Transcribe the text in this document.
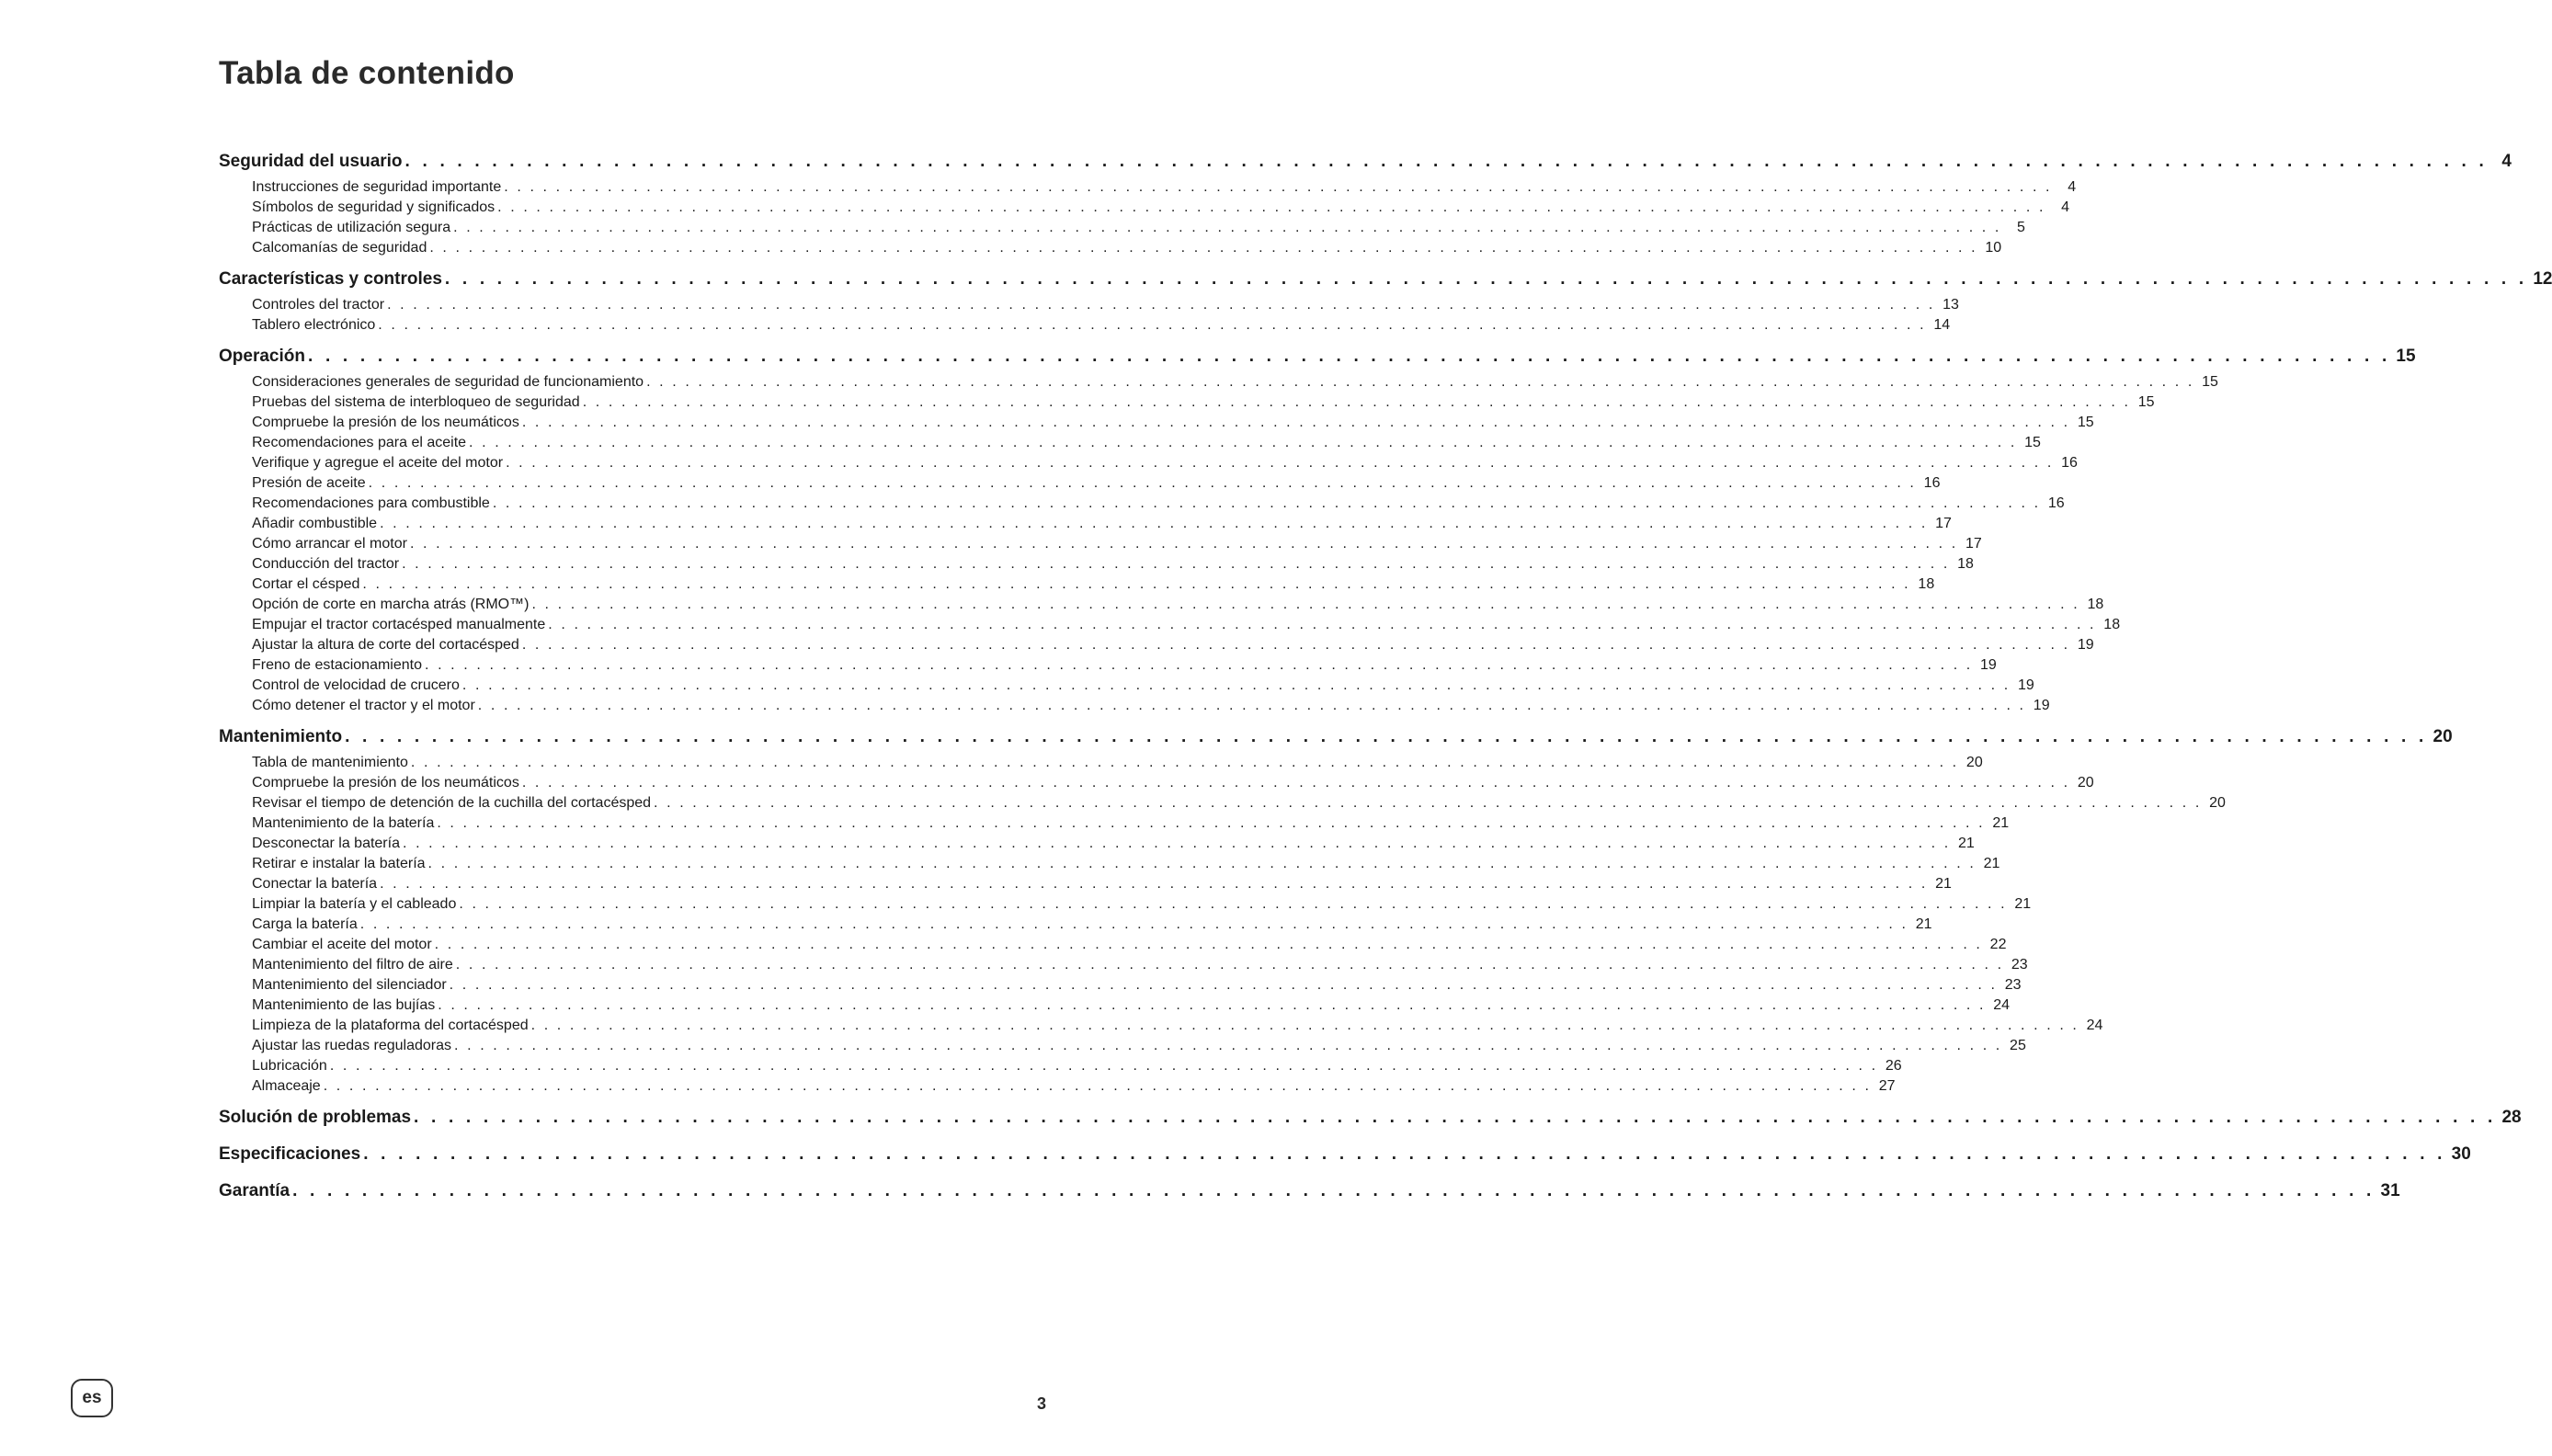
Tabla de contenido
Seguridad del usuario . . . . . . . . . . . . . . . . . . . . . . . . . . . . . . . . . . . . . . . . . . . . . . . . . . . . . . . . . . . . . . . . . . . . . . . . . . . . . . . . . . . . . . . . . . . . . . . . . . . . . . . . . . . . . . . . . . . . . . . . 4
Instrucciones de seguridad importante . . . . . . . . . . . . . . . . . . . . . . . . . . . . . . . . . . . . . . . . . . . . . . . . . . . . . . . . . . . . . . . . . . . . . . . . . . . . . . . . . . . . . . . . . . . . . . . . . . . . . . . . . . . . . . . . . . . . . . . .	4
Símbolos de seguridad y significados . . . . . . . . . . . . . . . . . . . . . . . . . . . . . . . . . . . . . . . . . . . . . . . . . . . . . . . . . . . . . . . . . . . . . . . . . . . . . . . . . . . . . . . . . . . . . . . . . . . . . . . . . . . . . . . . . . . . . . . .	4
Prácticas de utilización segura . . . . . . . . . . . . . . . . . . . . . . . . . . . . . . . . . . . . . . . . . . . . . . . . . . . . . . . . . . . . . . . . . . . . . . . . . . . . . . . . . . . . . . . . . . . . . . . . . . . . . . . . . . . . . . . . . . . . . . . .	5
Calcomanías de seguridad . . . . . . . . . . . . . . . . . . . . . . . . . . . . . . . . . . . . . . . . . . . . . . . . . . . . . . . . . . . . . . . . . . . . . . . . . . . . . . . . . . . . . . . . . . . . . . . . . . . . . . . . . . . . . . . . . . . . . . . . 10
Características y controles . . . . . . . . . . . . . . . . . . . . . . . . . . . . . . . . . . . . . . . . . . . . . . . . . . . . . . . . . . . . . . . . . . . . . . . . . . . . . . . . . . . . . . . . . . . . . . . . . . . . . . . . . . . . . . . . . . . . . . . . 12
Controles del tractor . . . . . . . . . . . . . . . . . . . . . . . . . . . . . . . . . . . . . . . . . . . . . . . . . . . . . . . . . . . . . . . . . . . . . . . . . . . . . . . . . . . . . . . . . . . . . . . . . . . . . . . . . . . . . . . . . . . . . . . . 13
Tablero electrónico . . . . . . . . . . . . . . . . . . . . . . . . . . . . . . . . . . . . . . . . . . . . . . . . . . . . . . . . . . . . . . . . . . . . . . . . . . . . . . . . . . . . . . . . . . . . . . . . . . . . . . . . . . . . . . . . . . . . . . . . 14
Operación . . . . . . . . . . . . . . . . . . . . . . . . . . . . . . . . . . . . . . . . . . . . . . . . . . . . . . . . . . . . . . . . . . . . . . . . . . . . . . . . . . . . . . . . . . . . . . . . . . . . . . . . . . . . . . . . . . . . . . . . 15
Consideraciones generales de seguridad de funcionamiento . . . . . . . . . . . . . . . . . . . . . . . . . . . . . . . . . . . . . . . . . . . . . . . . . . . . . . . . . . . . . . . . . . . . . . . . . . . . . . . . . . . . . . . . . . . . . . . . . . . . . . . . . . . . . . . . . . . . . . . . 15
Pruebas del sistema de interbloqueo de seguridad . . . . . . . . . . . . . . . . . . . . . . . . . . . . . . . . . . . . . . . . . . . . . . . . . . . . . . . . . . . . . . . . . . . . . . . . . . . . . . . . . . . . . . . . . . . . . . . . . . . . . . . . . . . . . . . . . . . . . . . . 15
Compruebe la presión de los neumáticos . . . . . . . . . . . . . . . . . . . . . . . . . . . . . . . . . . . . . . . . . . . . . . . . . . . . . . . . . . . . . . . . . . . . . . . . . . . . . . . . . . . . . . . . . . . . . . . . . . . . . . . . . . . . . . . . . . . . . . . . 15
Recomendaciones para el aceite . . . . . . . . . . . . . . . . . . . . . . . . . . . . . . . . . . . . . . . . . . . . . . . . . . . . . . . . . . . . . . . . . . . . . . . . . . . . . . . . . . . . . . . . . . . . . . . . . . . . . . . . . . . . . . . . . . . . . . . . 15
Verifique y agregue el aceite del motor . . . . . . . . . . . . . . . . . . . . . . . . . . . . . . . . . . . . . . . . . . . . . . . . . . . . . . . . . . . . . . . . . . . . . . . . . . . . . . . . . . . . . . . . . . . . . . . . . . . . . . . . . . . . . . . . . . . . . . . . 16
Presión de aceite . . . . . . . . . . . . . . . . . . . . . . . . . . . . . . . . . . . . . . . . . . . . . . . . . . . . . . . . . . . . . . . . . . . . . . . . . . . . . . . . . . . . . . . . . . . . . . . . . . . . . . . . . . . . . . . . . . . . . . . . 16
Recomendaciones para combustible . . . . . . . . . . . . . . . . . . . . . . . . . . . . . . . . . . . . . . . . . . . . . . . . . . . . . . . . . . . . . . . . . . . . . . . . . . . . . . . . . . . . . . . . . . . . . . . . . . . . . . . . . . . . . . . . . . . . . . . . 16
Añadir combustible . . . . . . . . . . . . . . . . . . . . . . . . . . . . . . . . . . . . . . . . . . . . . . . . . . . . . . . . . . . . . . . . . . . . . . . . . . . . . . . . . . . . . . . . . . . . . . . . . . . . . . . . . . . . . . . . . . . . . . . . 17
Cómo arrancar el motor . . . . . . . . . . . . . . . . . . . . . . . . . . . . . . . . . . . . . . . . . . . . . . . . . . . . . . . . . . . . . . . . . . . . . . . . . . . . . . . . . . . . . . . . . . . . . . . . . . . . . . . . . . . . . . . . . . . . . . . . 17
Conducción del tractor . . . . . . . . . . . . . . . . . . . . . . . . . . . . . . . . . . . . . . . . . . . . . . . . . . . . . . . . . . . . . . . . . . . . . . . . . . . . . . . . . . . . . . . . . . . . . . . . . . . . . . . . . . . . . . . . . . . . . . . . 18
Cortar el césped . . . . . . . . . . . . . . . . . . . . . . . . . . . . . . . . . . . . . . . . . . . . . . . . . . . . . . . . . . . . . . . . . . . . . . . . . . . . . . . . . . . . . . . . . . . . . . . . . . . . . . . . . . . . . . . . . . . . . . . . 18
Opción de corte en marcha atrás (RMO™) . . . . . . . . . . . . . . . . . . . . . . . . . . . . . . . . . . . . . . . . . . . . . . . . . . . . . . . . . . . . . . . . . . . . . . . . . . . . . . . . . . . . . . . . . . . . . . . . . . . . . . . . . . . . . . . . . . . . . . . . 18
Empujar el tractor cortacésped manualmente . . . . . . . . . . . . . . . . . . . . . . . . . . . . . . . . . . . . . . . . . . . . . . . . . . . . . . . . . . . . . . . . . . . . . . . . . . . . . . . . . . . . . . . . . . . . . . . . . . . . . . . . . . . . . . . . . . . . . . . . 18
Ajustar la altura de corte del cortacésped . . . . . . . . . . . . . . . . . . . . . . . . . . . . . . . . . . . . . . . . . . . . . . . . . . . . . . . . . . . . . . . . . . . . . . . . . . . . . . . . . . . . . . . . . . . . . . . . . . . . . . . . . . . . . . . . . . . . . . . . 19
Freno de estacionamiento . . . . . . . . . . . . . . . . . . . . . . . . . . . . . . . . . . . . . . . . . . . . . . . . . . . . . . . . . . . . . . . . . . . . . . . . . . . . . . . . . . . . . . . . . . . . . . . . . . . . . . . . . . . . . . . . . . . . . . . . 19
Control de velocidad de crucero . . . . . . . . . . . . . . . . . . . . . . . . . . . . . . . . . . . . . . . . . . . . . . . . . . . . . . . . . . . . . . . . . . . . . . . . . . . . . . . . . . . . . . . . . . . . . . . . . . . . . . . . . . . . . . . . . . . . . . . . 19
Cómo detener el tractor y el motor . . . . . . . . . . . . . . . . . . . . . . . . . . . . . . . . . . . . . . . . . . . . . . . . . . . . . . . . . . . . . . . . . . . . . . . . . . . . . . . . . . . . . . . . . . . . . . . . . . . . . . . . . . . . . . . . . . . . . . . . 19
Mantenimiento . . . . . . . . . . . . . . . . . . . . . . . . . . . . . . . . . . . . . . . . . . . . . . . . . . . . . . . . . . . . . . . . . . . . . . . . . . . . . . . . . . . . . . . . . . . . . . . . . . . . . . . . . . . . . . . . . . . . . . . . 20
Tabla de mantenimiento . . . . . . . . . . . . . . . . . . . . . . . . . . . . . . . . . . . . . . . . . . . . . . . . . . . . . . . . . . . . . . . . . . . . . . . . . . . . . . . . . . . . . . . . . . . . . . . . . . . . . . . . . . . . . . . . . . . . . . . . 20
Compruebe la presión de los neumáticos . . . . . . . . . . . . . . . . . . . . . . . . . . . . . . . . . . . . . . . . . . . . . . . . . . . . . . . . . . . . . . . . . . . . . . . . . . . . . . . . . . . . . . . . . . . . . . . . . . . . . . . . . . . . . . . . . . . . . . . . 20
Revisar el tiempo de detención de la cuchilla del cortacésped . . . . . . . . . . . . . . . . . . . . . . . . . . . . . . . . . . . . . . . . . . . . . . . . . . . . . . . . . . . . . . . . . . . . . . . . . . . . . . . . . . . . . . . . . . . . . . . . . . . . . . . . . . . . . . . . . . . . . . . . 20
Mantenimiento de la batería . . . . . . . . . . . . . . . . . . . . . . . . . . . . . . . . . . . . . . . . . . . . . . . . . . . . . . . . . . . . . . . . . . . . . . . . . . . . . . . . . . . . . . . . . . . . . . . . . . . . . . . . . . . . . . . . . . . . . . . . 21
Desconectar la batería . . . . . . . . . . . . . . . . . . . . . . . . . . . . . . . . . . . . . . . . . . . . . . . . . . . . . . . . . . . . . . . . . . . . . . . . . . . . . . . . . . . . . . . . . . . . . . . . . . . . . . . . . . . . . . . . . . . . . . . . 21
Retirar e instalar la batería . . . . . . . . . . . . . . . . . . . . . . . . . . . . . . . . . . . . . . . . . . . . . . . . . . . . . . . . . . . . . . . . . . . . . . . . . . . . . . . . . . . . . . . . . . . . . . . . . . . . . . . . . . . . . . . . . . . . . . . . 21
Conectar la batería . . . . . . . . . . . . . . . . . . . . . . . . . . . . . . . . . . . . . . . . . . . . . . . . . . . . . . . . . . . . . . . . . . . . . . . . . . . . . . . . . . . . . . . . . . . . . . . . . . . . . . . . . . . . . . . . . . . . . . . . 21
Limpiar la batería y el cableado . . . . . . . . . . . . . . . . . . . . . . . . . . . . . . . . . . . . . . . . . . . . . . . . . . . . . . . . . . . . . . . . . . . . . . . . . . . . . . . . . . . . . . . . . . . . . . . . . . . . . . . . . . . . . . . . . . . . . . . . 21
Carga la batería . . . . . . . . . . . . . . . . . . . . . . . . . . . . . . . . . . . . . . . . . . . . . . . . . . . . . . . . . . . . . . . . . . . . . . . . . . . . . . . . . . . . . . . . . . . . . . . . . . . . . . . . . . . . . . . . . . . . . . . . 21
Cambiar el aceite del motor . . . . . . . . . . . . . . . . . . . . . . . . . . . . . . . . . . . . . . . . . . . . . . . . . . . . . . . . . . . . . . . . . . . . . . . . . . . . . . . . . . . . . . . . . . . . . . . . . . . . . . . . . . . . . . . . . . . . . . . . 22
Mantenimiento del filtro de aire . . . . . . . . . . . . . . . . . . . . . . . . . . . . . . . . . . . . . . . . . . . . . . . . . . . . . . . . . . . . . . . . . . . . . . . . . . . . . . . . . . . . . . . . . . . . . . . . . . . . . . . . . . . . . . . . . . . . . . . . 23
Mantenimiento del silenciador . . . . . . . . . . . . . . . . . . . . . . . . . . . . . . . . . . . . . . . . . . . . . . . . . . . . . . . . . . . . . . . . . . . . . . . . . . . . . . . . . . . . . . . . . . . . . . . . . . . . . . . . . . . . . . . . . . . . . . . . 23
Mantenimiento de las bujías . . . . . . . . . . . . . . . . . . . . . . . . . . . . . . . . . . . . . . . . . . . . . . . . . . . . . . . . . . . . . . . . . . . . . . . . . . . . . . . . . . . . . . . . . . . . . . . . . . . . . . . . . . . . . . . . . . . . . . . . 24
Limpieza de la plataforma del cortacésped . . . . . . . . . . . . . . . . . . . . . . . . . . . . . . . . . . . . . . . . . . . . . . . . . . . . . . . . . . . . . . . . . . . . . . . . . . . . . . . . . . . . . . . . . . . . . . . . . . . . . . . . . . . . . . . . . . . . . . . . 24
Ajustar las ruedas reguladoras . . . . . . . . . . . . . . . . . . . . . . . . . . . . . . . . . . . . . . . . . . . . . . . . . . . . . . . . . . . . . . . . . . . . . . . . . . . . . . . . . . . . . . . . . . . . . . . . . . . . . . . . . . . . . . . . . . . . . . . . 25
Lubricación . . . . . . . . . . . . . . . . . . . . . . . . . . . . . . . . . . . . . . . . . . . . . . . . . . . . . . . . . . . . . . . . . . . . . . . . . . . . . . . . . . . . . . . . . . . . . . . . . . . . . . . . . . . . . . . . . . . . . . . . 26
Almaceaje . . . . . . . . . . . . . . . . . . . . . . . . . . . . . . . . . . . . . . . . . . . . . . . . . . . . . . . . . . . . . . . . . . . . . . . . . . . . . . . . . . . . . . . . . . . . . . . . . . . . . . . . . . . . . . . . . . . . . . . . 27
Solución de problemas . . . . . . . . . . . . . . . . . . . . . . . . . . . . . . . . . . . . . . . . . . . . . . . . . . . . . . . . . . . . . . . . . . . . . . . . . . . . . . . . . . . . . . . . . . . . . . . . . . . . . . . . . . . . . . . . . . . . . . . . 28
Especificaciones . . . . . . . . . . . . . . . . . . . . . . . . . . . . . . . . . . . . . . . . . . . . . . . . . . . . . . . . . . . . . . . . . . . . . . . . . . . . . . . . . . . . . . . . . . . . . . . . . . . . . . . . . . . . . . . . . . . . . . . . 30
Garantía . . . . . . . . . . . . . . . . . . . . . . . . . . . . . . . . . . . . . . . . . . . . . . . . . . . . . . . . . . . . . . . . . . . . . . . . . . . . . . . . . . . . . . . . . . . . . . . . . . . . . . . . . . . . . . . . . . . . . . . . 31
es	3
